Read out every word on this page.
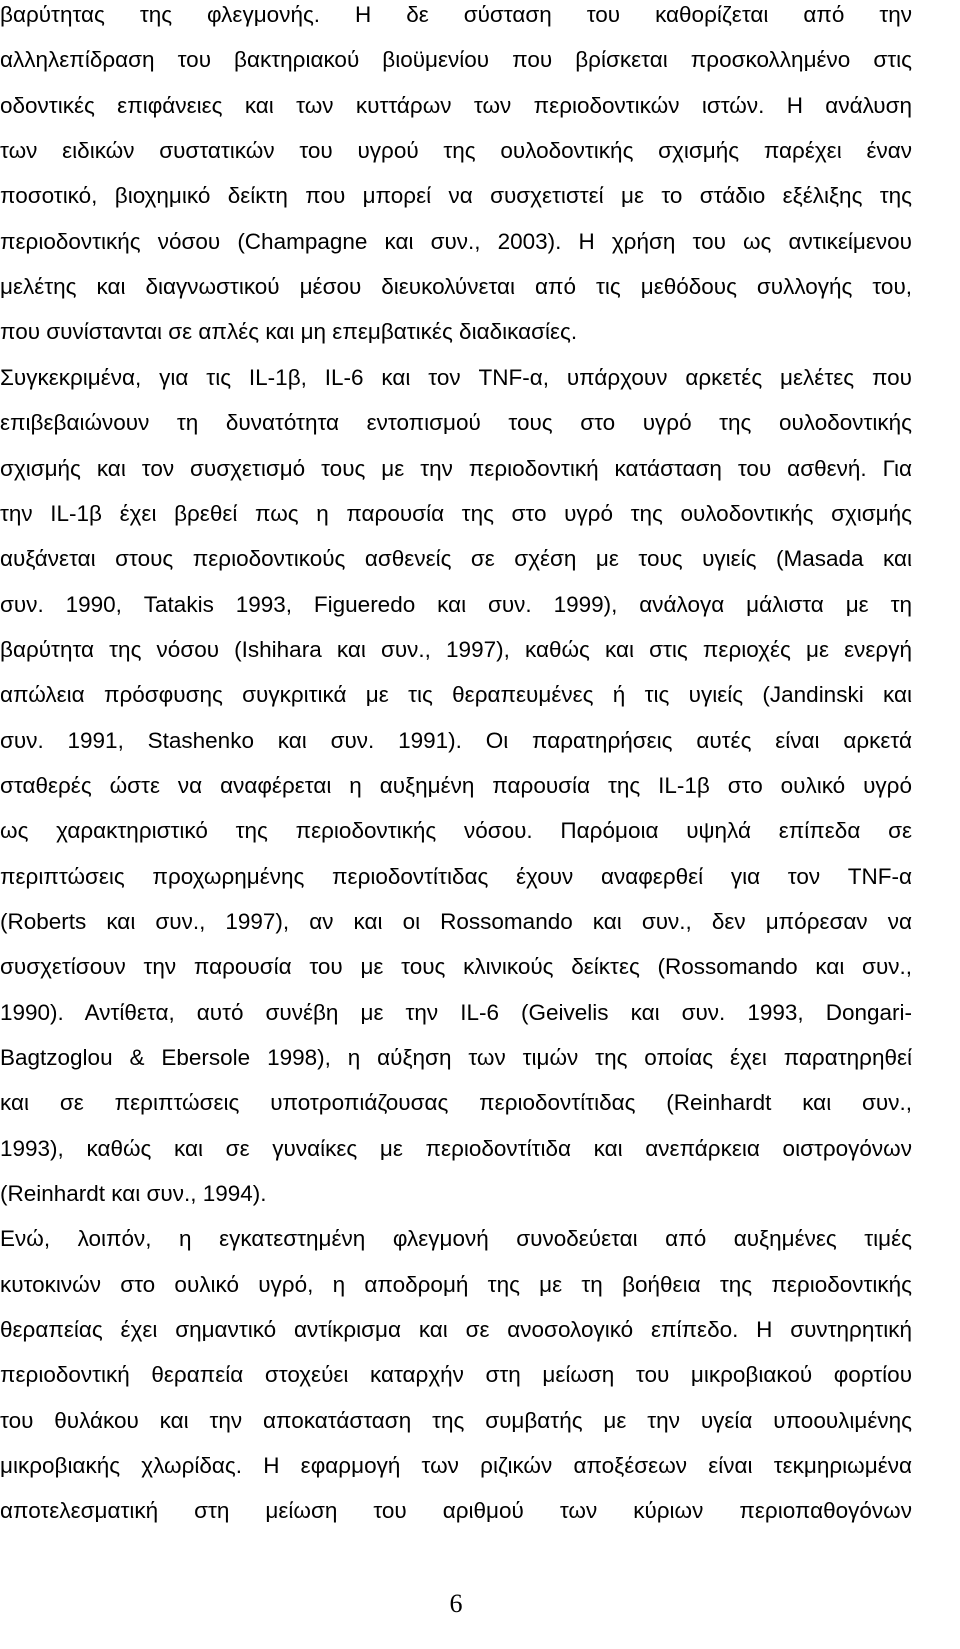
βαρύτητας της φλεγμονής. Η δε σύσταση του καθορίζεται από την
αλληλεπίδραση του βακτηριακού βιοϋμενίου που βρίσκεται προσκολλημένο στις
οδοντικές επιφάνειες και των κυττάρων των περιοδοντικών ιστών. Η ανάλυση
των ειδικών συστατικών του υγρού της ουλοδοντικής σχισμής παρέχει έναν
ποσοτικό, βιοχημικό δείκτη που μπορεί να συσχετιστεί με το στάδιο εξέλιξης της
περιοδοντικής νόσου (Champagne και συν., 2003). Η χρήση του ως αντικείμενου
μελέτης και διαγνωστικού μέσου διευκολύνεται από τις μεθόδους συλλογής του,
που συνίστανται σε απλές και μη επεμβατικές διαδικασίες.
Συγκεκριμένα, για τις IL-1β, IL-6 και τον TNF-α, υπάρχουν αρκετές μελέτες που
επιβεβαιώνουν τη δυνατότητα εντοπισμού τους στο υγρό της ουλοδοντικής
σχισμής και τον συσχετισμό τους με την περιοδοντική κατάσταση του ασθενή. Για
την IL-1β έχει βρεθεί πως η παρουσία της στο υγρό της ουλοδοντικής σχισμής
αυξάνεται στους περιοδοντικούς ασθενείς σε σχέση με τους υγιείς (Masada και
συν. 1990, Tatakis 1993, Figueredo και συν. 1999), ανάλογα μάλιστα με τη
βαρύτητα της νόσου (Ishihara και συν., 1997), καθώς και στις περιοχές με ενεργή
απώλεια πρόσφυσης συγκριτικά με τις θεραπευμένες ή τις υγιείς (Jandinski και
συν. 1991, Stashenko και συν. 1991). Οι παρατηρήσεις αυτές είναι αρκετά
σταθερές ώστε να αναφέρεται η αυξημένη παρουσία της IL-1β στο ουλικό υγρό
ως χαρακτηριστικό της περιοδοντικής νόσου. Παρόμοια υψηλά επίπεδα σε
περιπτώσεις προχωρημένης περιοδοντίτιδας έχουν αναφερθεί για τον TNF-α
(Roberts και συν., 1997), αν και οι Rossomando και συν., δεν μπόρεσαν να
συσχετίσουν την παρουσία του με τους κλινικούς δείκτες (Rossomando και συν.,
1990). Αντίθετα, αυτό συνέβη με την IL-6 (Geivelis και συν. 1993, Dongari-
Bagtzoglou & Ebersole 1998), η αύξηση των τιμών της οποίας έχει παρατηρηθεί
και σε περιπτώσεις υποτροπιάζουσας περιοδοντίτιδας (Reinhardt και συν.,
1993), καθώς και σε γυναίκες με περιοδοντίτιδα και ανεπάρκεια οιστρογόνων
(Reinhardt και συν., 1994).
Ενώ, λοιπόν, η εγκατεστημένη φλεγμονή συνοδεύεται από αυξημένες τιμές
κυτοκινών στο ουλικό υγρό, η αποδρομή της με τη βοήθεια της περιοδοντικής
θεραπείας έχει σημαντικό αντίκρισμα και σε ανοσολογικό επίπεδο. Η συντηρητική
περιοδοντική θεραπεία στοχεύει καταρχήν στη μείωση του μικροβιακού φορτίου
του θυλάκου και την αποκατάσταση της συμβατής με την υγεία υποουλιμένης
μικροβιακής χλωρίδας. Η εφαρμογή των ριζικών αποξέσεων είναι τεκμηριωμένα
αποτελεσματική στη μείωση του αριθμού των κύριων περιοπαθογόνων
6
